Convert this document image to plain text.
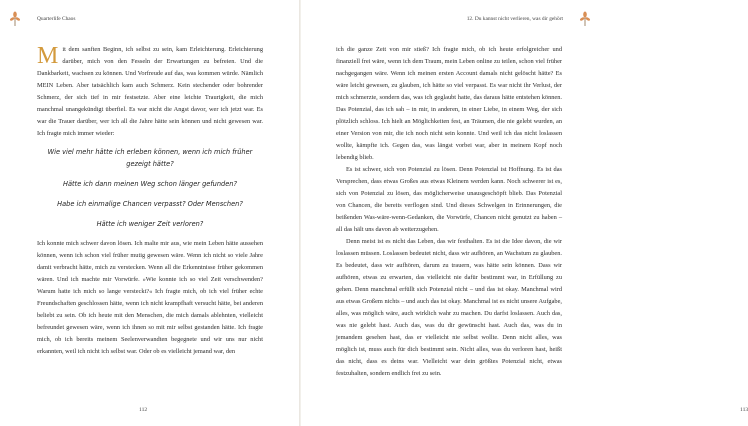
Quarterlife Chaos

Mit dem sanften Beginn, ich selbst zu sein, kam Erleichterung. Erleichterung darüber, mich von den Fesseln der Erwartungen zu befreien. Und die Dankbarkeit, wachsen zu können. Und Vorfreude auf das, was kommen würde. Nämlich MEIN Leben. Aber tatsächlich kam auch Schmerz. Kein stechender oder bohrender Schmerz, der sich tief in mir festsetzte. Aber eine leichte Traurigkeit, die mich manchmal unangekündigt überfiel. Es war nicht die Angst davor, wer ich jetzt war. Es war die Trauer darüber, wer ich all die Jahre hätte sein können und nicht gewesen war. Ich fragte mich immer wieder:

Wie viel mehr hätte ich erleben können, wenn ich mich früher gezeigt hätte?

Hätte ich dann meinen Weg schon länger gefunden?

Habe ich einmalige Chancen verpasst? Oder Menschen?

Hätte ich weniger Zeit verloren?

Ich konnte mich schwer davon lösen. Ich malte mir aus, wie mein Leben hätte aussehen können, wenn ich schon viel früher mutig gewesen wäre. Wenn ich nicht so viele Jahre damit verbracht hätte, mich zu verstecken. Wenn all die Erkenntnisse früher gekommen wären. Und ich machte mir Vorwürfe. »Wie konnte ich so viel Zeit verschwenden? Warum hatte ich mich so lange versteckt?« Ich fragte mich, ob ich viel früher echte Freundschaften geschlossen hätte, wenn ich nicht krampfhaft versucht hätte, bei anderen beliebt zu sein. Ob ich heute mit den Menschen, die mich damals ablehnten, vielleicht befreundet gewesen wäre, wenn ich ihnen so mit mir selbst gestanden hätte. Ich fragte mich, ob ich bereits meinem Seelenverwandten begegnete und wir uns nur nicht erkannten, weil ich nicht ich selbst war. Oder ob es vielleicht jemand war, den

112
12. Du kannst nicht verlieren, was dir gehört

ich die ganze Zeit von mir stieß? Ich fragte mich, ob ich heute erfolgreicher und finanziell frei wäre, wenn ich dem Traum, mein Leben online zu teilen, schon viel früher nachgegangen wäre. Wenn ich meinen ersten Account damals nicht gelöscht hätte? Es wäre leicht gewesen, zu glauben, ich hätte so viel verpasst. Es war nicht ihr Verlust, der mich schmerzte, sondern das, was ich geglaubt hatte, das daraus hätte entstehen können. Das Potenzial, das ich sah – in mir, in anderen, in einer Liebe, in einem Weg, der sich plötzlich schloss. Ich hielt an Möglichkeiten fest, an Träumen, die nie gelebt wurden, an einer Version von mir, die ich noch nicht sein konnte. Und weil ich das nicht loslassen wollte, kämpfte ich. Gegen das, was längst vorbei war, aber in meinem Kopf noch lebendig blieb.

Es ist schwer, sich von Potenzial zu lösen. Denn Potenzial ist Hoffnung. Es ist das Versprechen, dass etwas Großes aus etwas Kleinem werden kann. Noch schwerer ist es, sich von Potenzial zu lösen, das möglicherweise unausgeschöpft blieb. Das Potenzial von Chancen, die bereits verflogen sind. Und dieses Schwelgen in Erinnerungen, die beißenden Was-wäre-wenn-Gedanken, die Vorwürfe, Chancen nicht genutzt zu haben – all das hält uns davon ab weiterzugehen.

Denn meist ist es nicht das Leben, das wir festhalten. Es ist die Idee davon, die wir loslassen müssen. Loslassen bedeutet nicht, dass wir aufhören, an Wachstum zu glauben. Es bedeutet, dass wir aufhören, darum zu trauern, was hätte sein können. Dass wir aufhören, etwas zu erwarten, das vielleicht nie dafür bestimmt war, in Erfüllung zu gehen. Denn manchmal erfüllt sich Potenzial nicht – und das ist okay. Manchmal wird aus etwas Großem nichts – und auch das ist okay. Manchmal ist es nicht unsere Aufgabe, alles, was möglich wäre, auch wirklich wahr zu machen. Du darfst loslassen. Auch das, was nie gelebt hast. Auch das, was du dir gewünscht hast. Auch das, was du in jemandem gesehen hast, das er vielleicht nie selbst wollte. Denn nicht alles, was möglich ist, muss auch für dich bestimmt sein. Nicht alles, was du verloren hast, heißt das nicht, dass es deins war. Vielleicht war dein größtes Potenzial nicht, etwas festzuhalten, sondern endlich frei zu sein.

113
